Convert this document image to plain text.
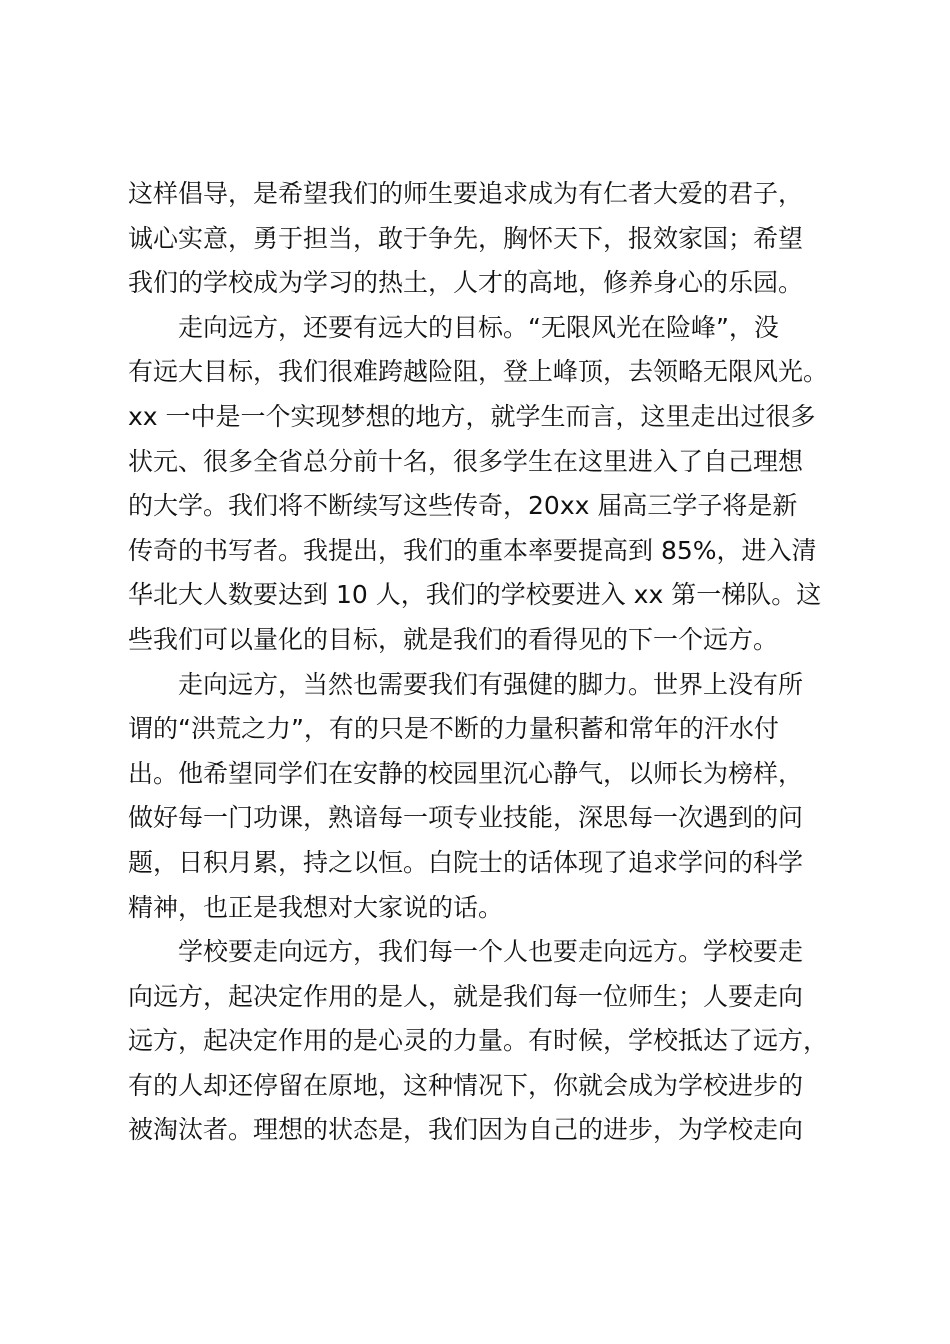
这样倡导，是希望我们的师生要追求成为有仁者大爱的君子，
诚心实意，勇于担当，敢于争先，胸怀天下，报效家国；希望
我们的学校成为学习的热土，人才的高地，修养身心的乐园。
走向远方，还要有远大的目标。“无限风光在险峰”，没
有远大目标，我们很难跨越险阻，登上峰顶，去领略无限风光。
xx 一中是一个实现梦想的地方，就学生而言，这里走出过很多
状元、很多全省总分前十名，很多学生在这里进入了自己理想
的大学。我们将不断续写这些传奇，20xx 届高三学子将是新
传奇的书写者。我提出，我们的重本率要提高到 85%，进入清
华北大人数要达到 10 人，我们的学校要进入 xx 第一梯队。这
些我们可以量化的目标，就是我们的看得见的下一个远方。
走向远方，当然也需要我们有强健的脚力。世界上没有所
谓的“洪荒之力”，有的只是不断的力量积蓄和常年的汗水付
出。他希望同学们在安静的校园里沉心静气，以师长为榜样，
做好每一门功课，熟谙每一项专业技能，深思每一次遇到的问
题，日积月累，持之以恒。白院士的话体现了追求学问的科学
精神，也正是我想对大家说的话。
学校要走向远方，我们每一个人也要走向远方。学校要走
向远方，起决定作用的是人，就是我们每一位师生；人要走向
远方，起决定作用的是心灵的力量。有时候，学校抵达了远方，
有的人却还停留在原地，这种情况下，你就会成为学校进步的
被淘汰者。理想的状态是，我们因为自己的进步，为学校走向
